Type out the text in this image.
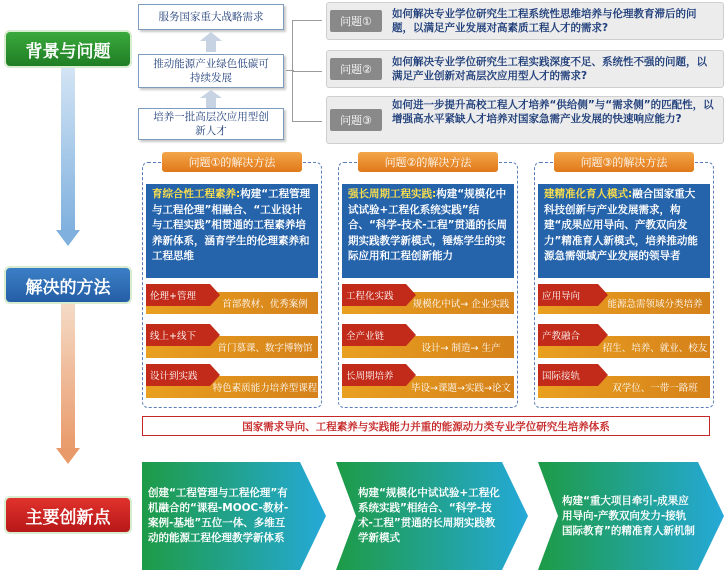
背景与问题
解决的方法
主要创新点
服务国家重大战略需求
推动能源产业绿色低碳可持续发展
培养一批高层次应用型创新人才
问题①
如何解决专业学位研究生工程系统性思维培养与伦理教育滞后的问题，以满足产业发展对高素质工程人才的需求?
问题②
如何解决专业学位研究生工程实践深度不足、系统性不强的问题，以满足产业创新对高层次应用型人才的需求?
问题③
如何进一步提升高校工程人才培养“供给侧”与“需求侧”的匹配性，以增强高水平紧缺人才培养对国家急需产业发展的快速响应能力?
问题①的解决方法
育综合性工程素养:构建“工程管理与工程伦理”相融合、“工业设计与工程实践”相贯通的工程素养培养新体系，涵育学生的伦理素养和工程思维
伦理+管理
首部教材、优秀案例
线上+线下
首门慕课、数字博物馆
设计到实践
特色素质能力培养型课程
问题②的解决方法
强长周期工程实践:构建“规模化中试试验+工程化系统实践”结合、“科学-技术-工程”贯通的长周期实践教学新模式，锤炼学生的实际应用和工程创新能力
工程化实践
规模化中试→ 企业实践
全产业链
设计→ 制造→ 生产
长周期培养
毕设→课题→实践→论文
问题③的解决方法
建精准化育人模式:融合国家重大科技创新与产业发展需求，构建“成果应用导向、产教双向发力”精准育人新模式，培养推动能源急需领域产业发展的领导者
应用导向
能源急需领域分类培养
产教融合
招生、培养、就业、校友
国际接轨
双学位、一带一路班
国家需求导向、工程素养与实践能力并重的能源动力类专业学位研究生培养体系
创建“工程管理与工程伦理”有机融合的“课程-MOOC-教材-案例-基地”五位一体、多维互动的能源工程伦理教学新体系
构建“规模化中试试验+工程化系统实践”相结合、“科学-技术-工程”贯通的长周期实践教学新模式
构建“重大项目牵引-成果应用导向-产教双向发力-接轨国际教育”的精准育人新机制
